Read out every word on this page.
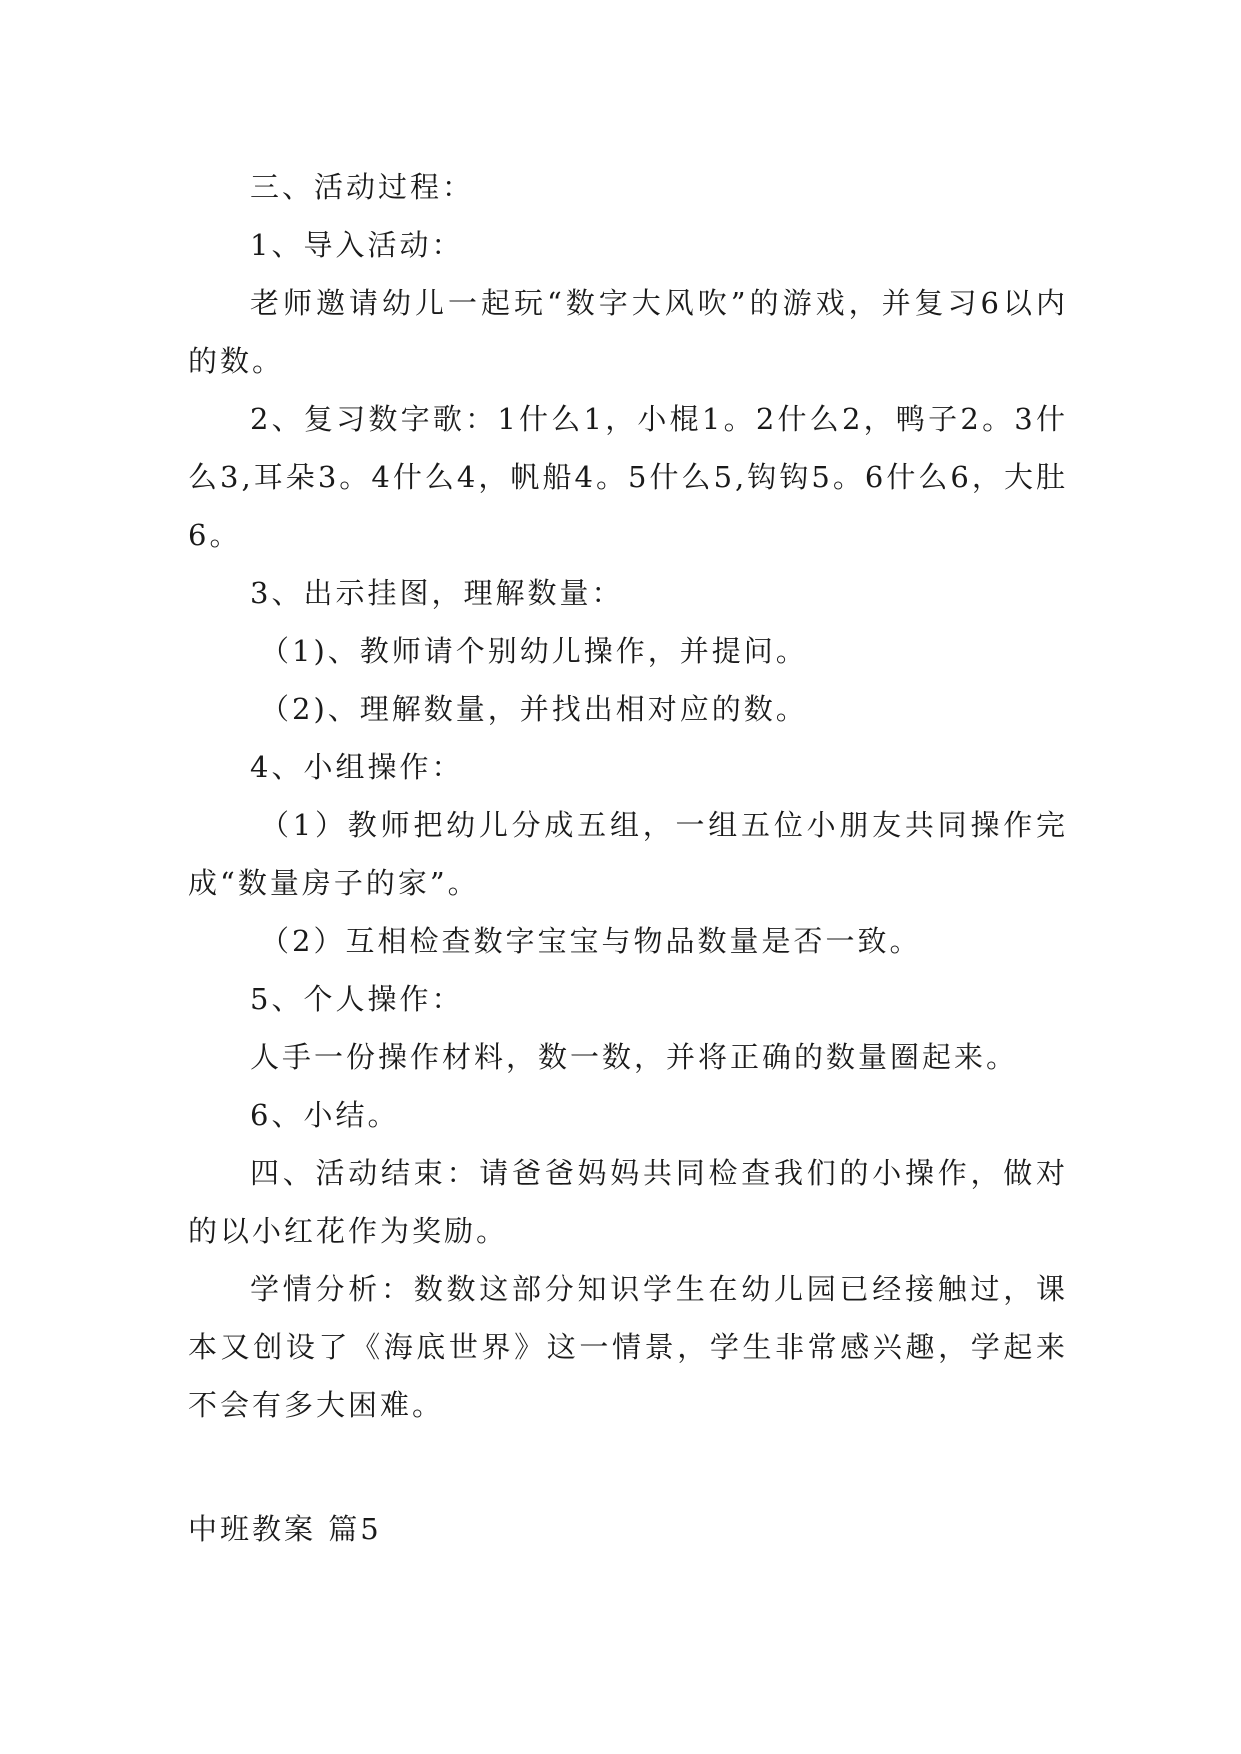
三、活动过程：

1、导入活动：

老师邀请幼儿一起玩“数字大风吹”的游戏，并复习6以内的数。

2、复习数字歌：1什么1，小棍1。2什么2，鸭子2。3什么3,耳朵3。4什么4，帆船4。5什么5,钩钩5。6什么6，大肚6。

3、出示挂图，理解数量：

（1)、教师请个别幼儿操作，并提问。

（2)、理解数量，并找出相对应的数。

4、小组操作：

（1）教师把幼儿分成五组，一组五位小朋友共同操作完成“数量房子的家”。

（2）互相检查数字宝宝与物品数量是否一致。

5、个人操作：

人手一份操作材料，数一数，并将正确的数量圈起来。

6、小结。

四、活动结束：请爸爸妈妈共同检查我们的小操作，做对的以小红花作为奖励。

学情分析：数数这部分知识学生在幼儿园已经接触过，课本又创设了《海底世界》这一情景，学生非常感兴趣，学起来不会有多大困难。

中班教案 篇5
